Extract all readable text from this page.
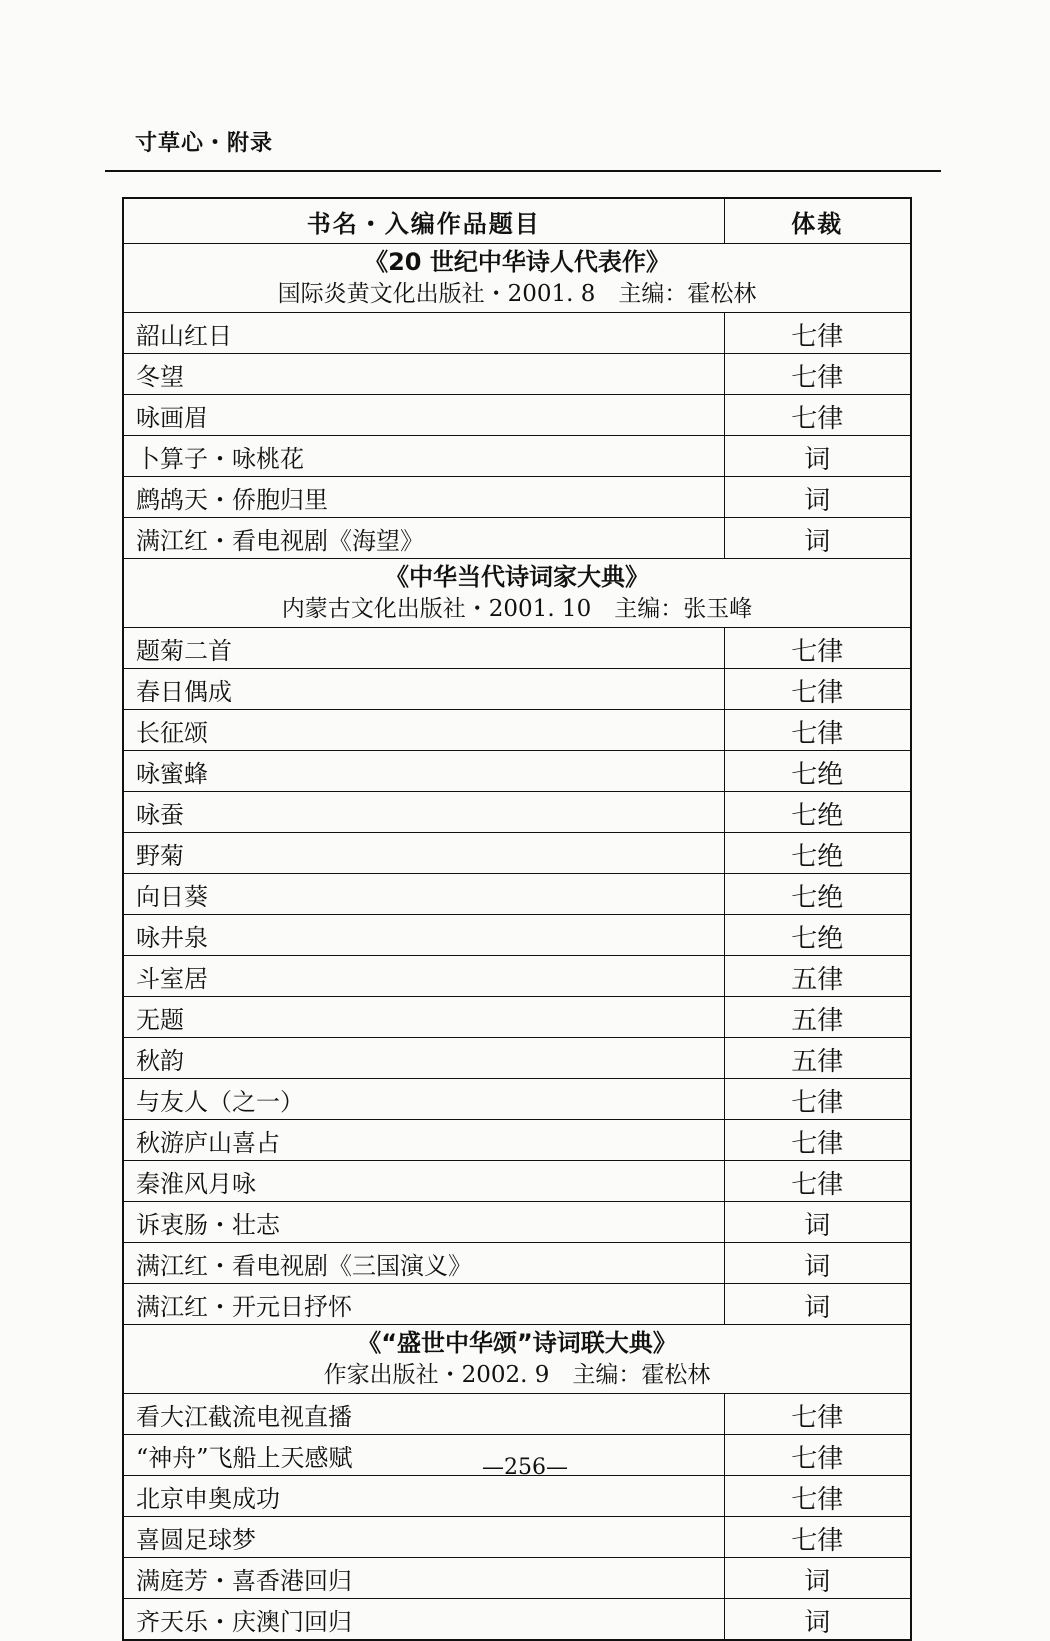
寸草心・附录
书名・入编作品题目	体裁

《20 世纪中华诗人代表作》
国际炎黄文化出版社・2001. 8　主编：霍松林	

韶山红日	七律
冬望	七律
咏画眉	七律
卜算子・咏桃花	词
鹧鸪天・侨胞归里	词
满江红・看电视剧《海望》	词

《中华当代诗词家大典》
内蒙古文化出版社・2001. 10　主编：张玉峰	

题菊二首	七律
春日偶成	七律
长征颂	七律
咏蜜蜂	七绝
咏蚕	七绝
野菊	七绝
向日葵	七绝
咏井泉	七绝
斗室居	五律
无题	五律
秋韵	五律
与友人（之一）	七律
秋游庐山喜占	七律
秦淮风月咏	七律
诉衷肠・壮志	词
满江红・看电视剧《三国演义》	词
满江红・开元日抒怀	词

《“盛世中华颂”诗词联大典》
作家出版社・2002. 9　主编：霍松林	

看大江截流电视直播	七律
“神舟”飞船上天感赋	七律
北京申奥成功	七律
喜圆足球梦	七律
满庭芳・喜香港回归	词
齐天乐・庆澳门回归	词
—256—
